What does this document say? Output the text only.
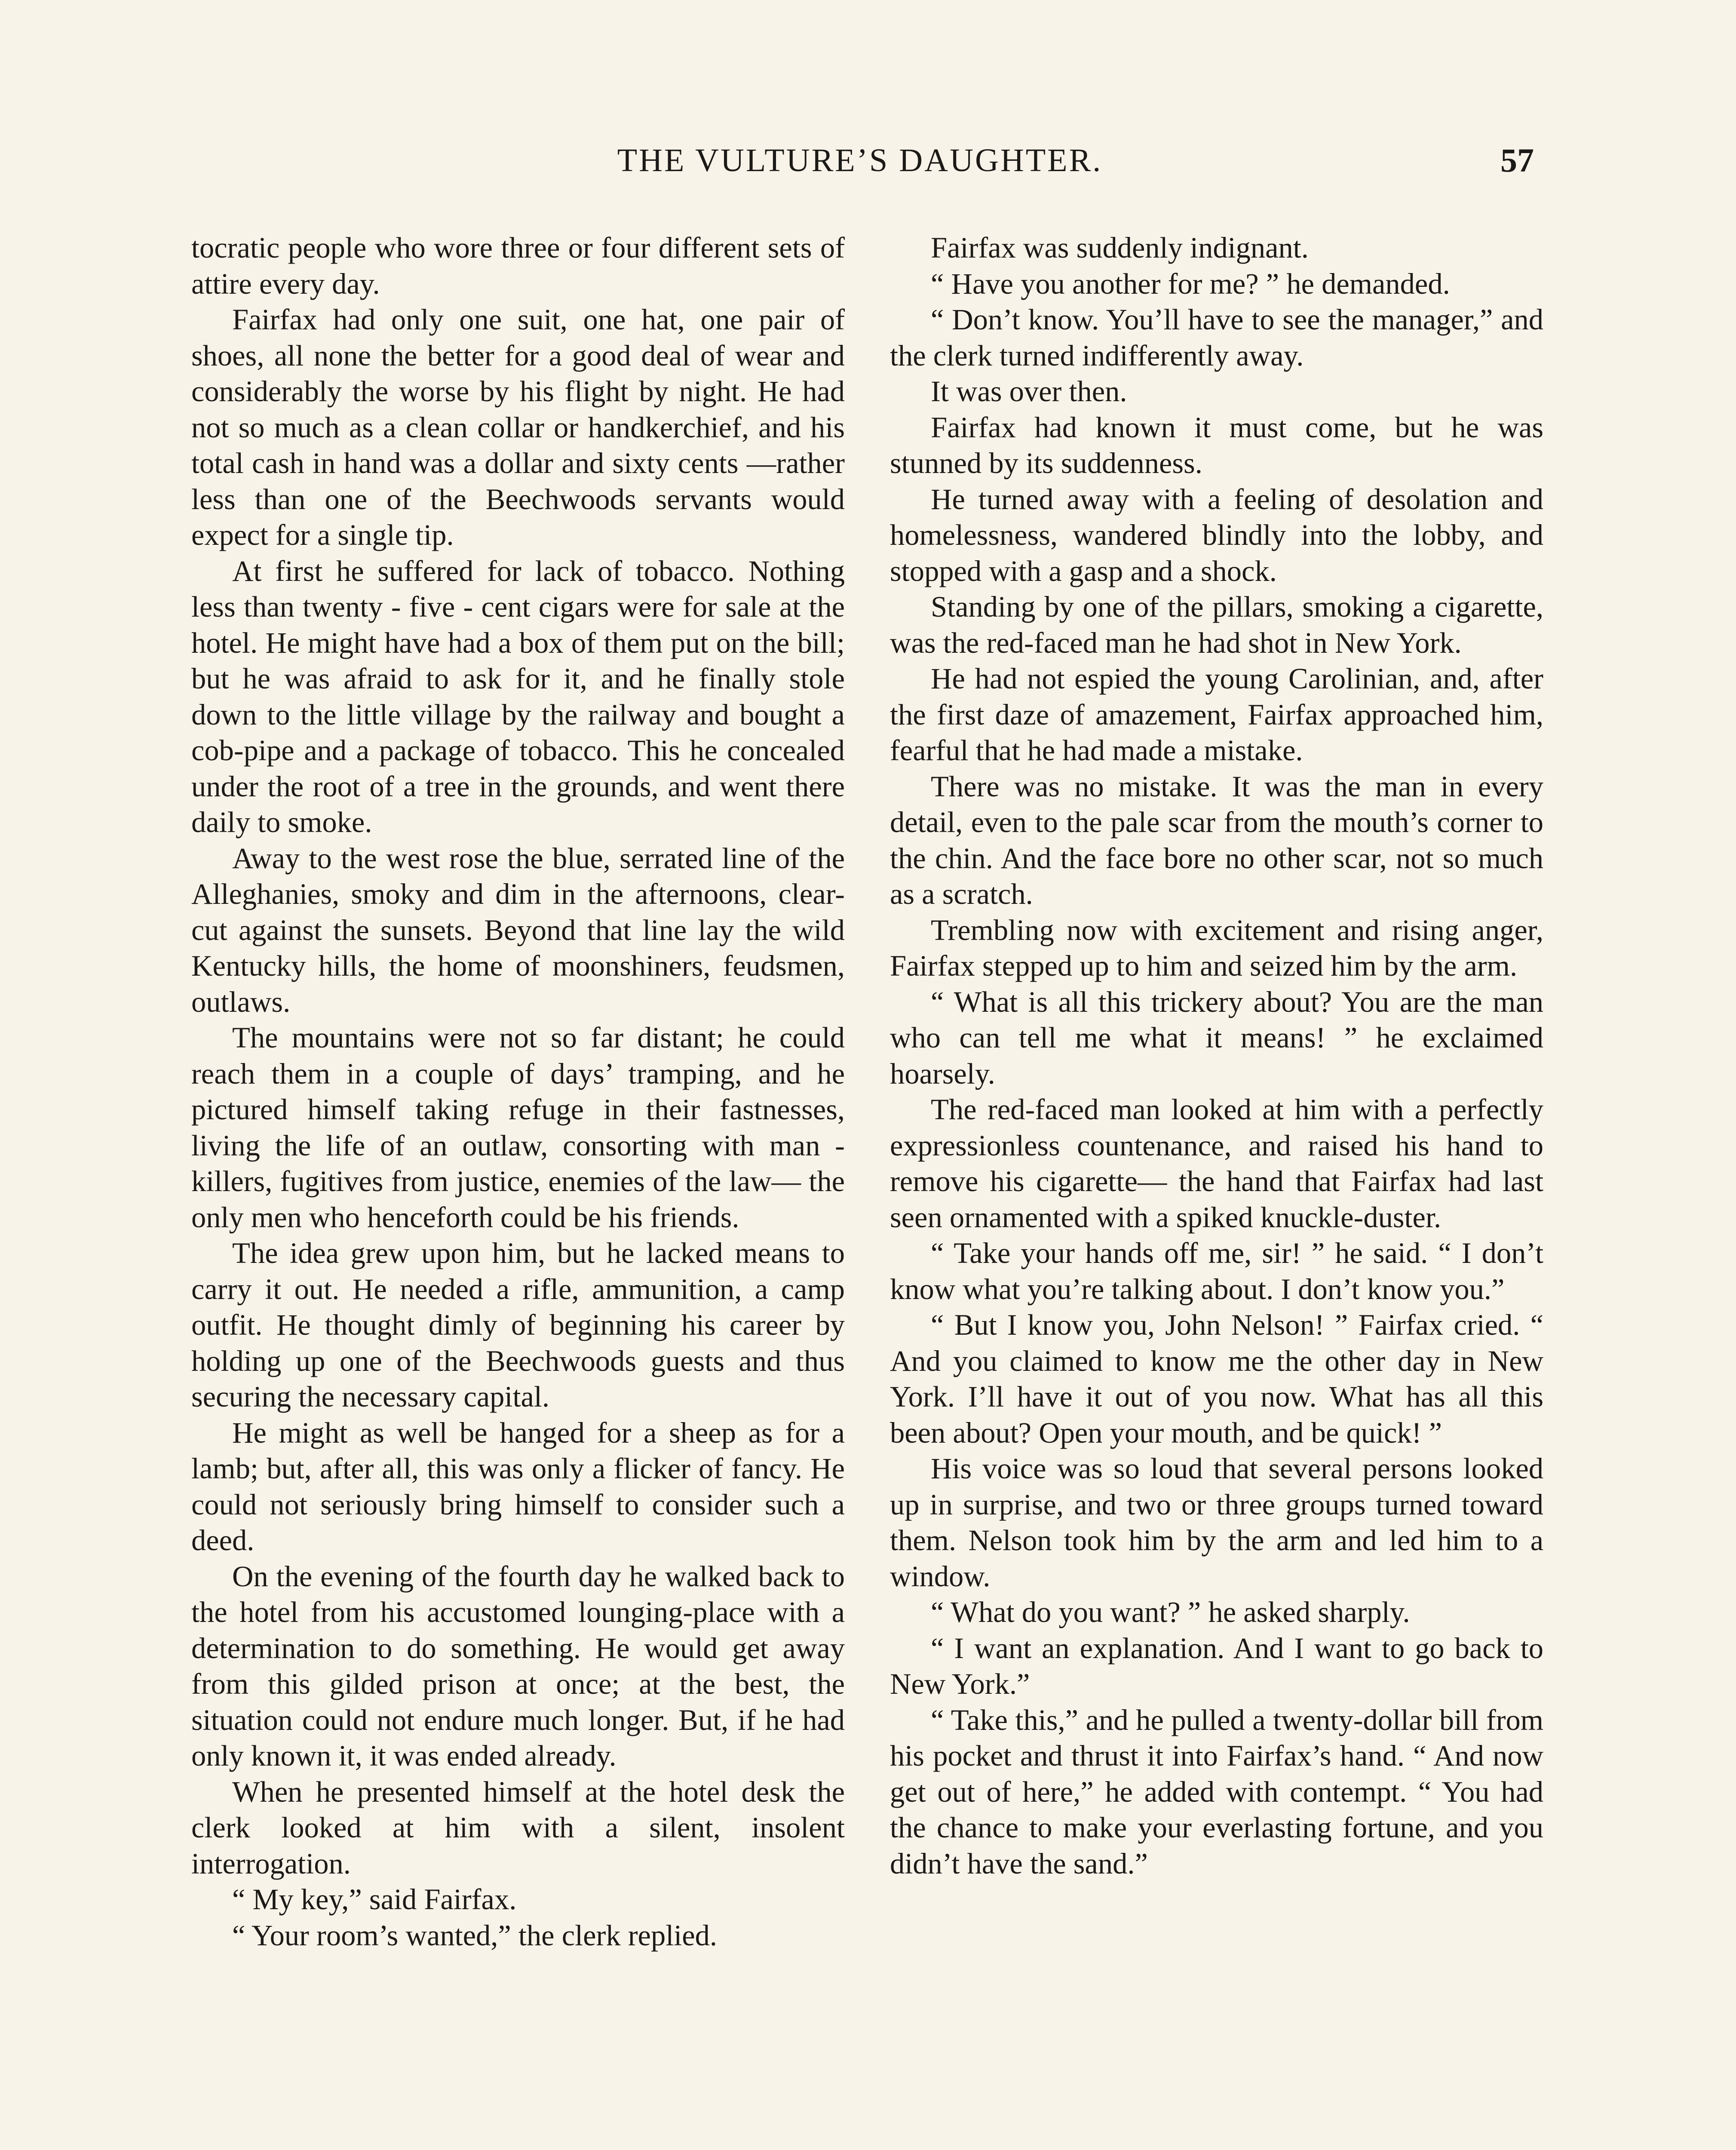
THE VULTURE’S DAUGHTER.	57

tocratic people who wore three or four different sets of attire every day.

Fairfax had only one suit, one hat, one pair of shoes, all none the better for a good deal of wear and considerably the worse by his flight by night. He had not so much as a clean collar or handkerchief, and his total cash in hand was a dollar and sixty cents —rather less than one of the Beechwoods servants would expect for a single tip.

At first he suffered for lack of tobacco. Nothing less than twenty - five - cent cigars were for sale at the hotel. He might have had a box of them put on the bill; but he was afraid to ask for it, and he finally stole down to the little village by the railway and bought a cob-pipe and a package of tobacco. This he concealed under the root of a tree in the grounds, and went there daily to smoke.

Away to the west rose the blue, serrated line of the Alleghanies, smoky and dim in the afternoons, clear-cut against the sunsets. Beyond that line lay the wild Kentucky hills, the home of moonshiners, feudsmen, outlaws.

The mountains were not so far distant; he could reach them in a couple of days’ tramping, and he pictured himself taking refuge in their fastnesses, living the life of an outlaw, consorting with man - killers, fugitives from justice, enemies of the law— the only men who henceforth could be his friends.

The idea grew upon him, but he lacked means to carry it out. He needed a rifle, ammunition, a camp outfit. He thought dimly of beginning his career by holding up one of the Beechwoods guests and thus securing the necessary capital.

He might as well be hanged for a sheep as for a lamb; but, after all, this was only a flicker of fancy. He could not seriously bring himself to consider such a deed.

On the evening of the fourth day he walked back to the hotel from his accustomed lounging-place with a determination to do something. He would get away from this gilded prison at once; at the best, the situation could not endure much longer. But, if he had only known it, it was ended already.

When he presented himself at the hotel desk the clerk looked at him with a silent, insolent interrogation.

“ My key,” said Fairfax.

“ Your room’s wanted,” the clerk replied.

Fairfax was suddenly indignant.

“ Have you another for me? ” he demanded.

“ Don’t know. You’ll have to see the manager,” and the clerk turned indifferently away.

It was over then.

Fairfax had known it must come, but he was stunned by its suddenness.

He turned away with a feeling of desolation and homelessness, wandered blindly into the lobby, and stopped with a gasp and a shock.

Standing by one of the pillars, smoking a cigarette, was the red-faced man he had shot in New York.

He had not espied the young Carolinian, and, after the first daze of amazement, Fairfax approached him, fearful that he had made a mistake.

There was no mistake. It was the man in every detail, even to the pale scar from the mouth’s corner to the chin. And the face bore no other scar, not so much as a scratch.

Trembling now with excitement and rising anger, Fairfax stepped up to him and seized him by the arm.

“ What is all this trickery about? You are the man who can tell me what it means! ” he exclaimed hoarsely.

The red-faced man looked at him with a perfectly expressionless countenance, and raised his hand to remove his cigarette— the hand that Fairfax had last seen ornamented with a spiked knuckle-duster.

“ Take your hands off me, sir! ” he said. “ I don’t know what you’re talking about. I don’t know you.”

“ But I know you, John Nelson! ” Fairfax cried. “ And you claimed to know me the other day in New York. I’ll have it out of you now. What has all this been about? Open your mouth, and be quick! ”

His voice was so loud that several persons looked up in surprise, and two or three groups turned toward them. Nelson took him by the arm and led him to a window.

“ What do you want? ” he asked sharply.

“ I want an explanation. And I want to go back to New York.”

“ Take this,” and he pulled a twenty-dollar bill from his pocket and thrust it into Fairfax’s hand. “ And now get out of here,” he added with contempt. “ You had the chance to make your everlasting fortune, and you didn’t have the sand.”
